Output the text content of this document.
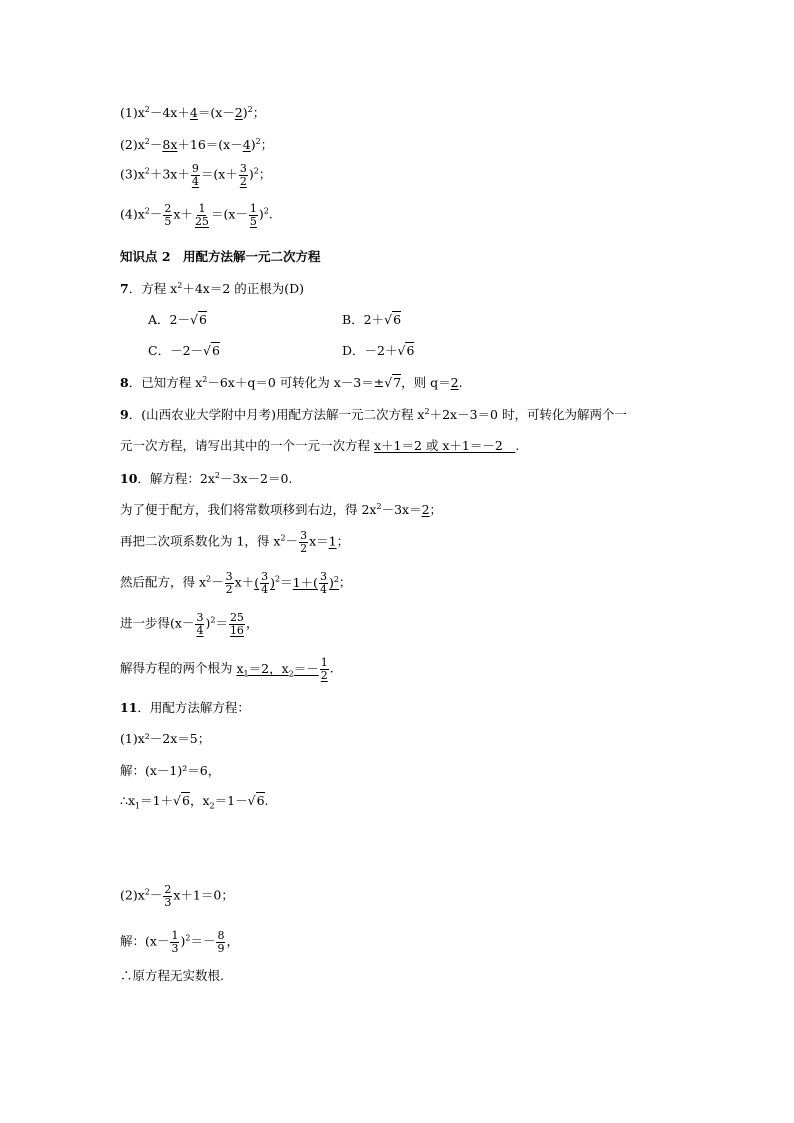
$(1)x^2-4x+4=(x-2)^2$；
$(2)x^2-8x+16=(x-4)^2$；
$(3)x^2+3x+ \frac{9}{4} =(x+ \frac{3}{2} )^2$；
$(4)x^2- \frac{2}{5} x+ \frac{1}{25} =(x- \frac{1}{5} )^2$.
知识点 2　用配方法解一元二次方程
7．方程 $x^2+4x=2$ 的正根为(D)
A．2－√6	B．2＋√6
C．－2－√6	D．－2＋√6
8．已知方程 $x^2-6x+q=0$ 可转化为 x－3＝±√7，则 q＝2.
9．(山西农业大学附中月考)用配方法解一元二次方程 $x^2+2x-3=0$ 时，可转化为解两个一
元一次方程，请写出其中的一个一元一次方程 x＋1＝2 或 x＋1＝－2　.
10．解方程：$2x^2-3x-2=0$.
为了便于配方，我们将常数项移到右边，得 $2x^2-3x=2$；
再把二次项系数化为 1，得 $x^2- \frac{3}{2} x=1$；
然后配方，得 $x^2- \frac{3}{2} x+( \frac{3}{4} )^2=1+( \frac{3}{4} )^2$；
进一步得$(x- \frac{3}{4} )^2= \frac{25}{16}$ ，
解得方程的两个根为 $x_1=2$，$x_2=- \frac{1}{2}$ .
11．用配方法解方程：
(1)x²－2x＝5；
解：(x－1)²＝6，
$\therefore x_1=1+√6$，$x_2=1-√6$.
$(2)x^2- \frac{2}{3} x+1=0$；
解：$(x- \frac{1}{3} )^2=- \frac{8}{9}$ ，
∴原方程无实数根.
